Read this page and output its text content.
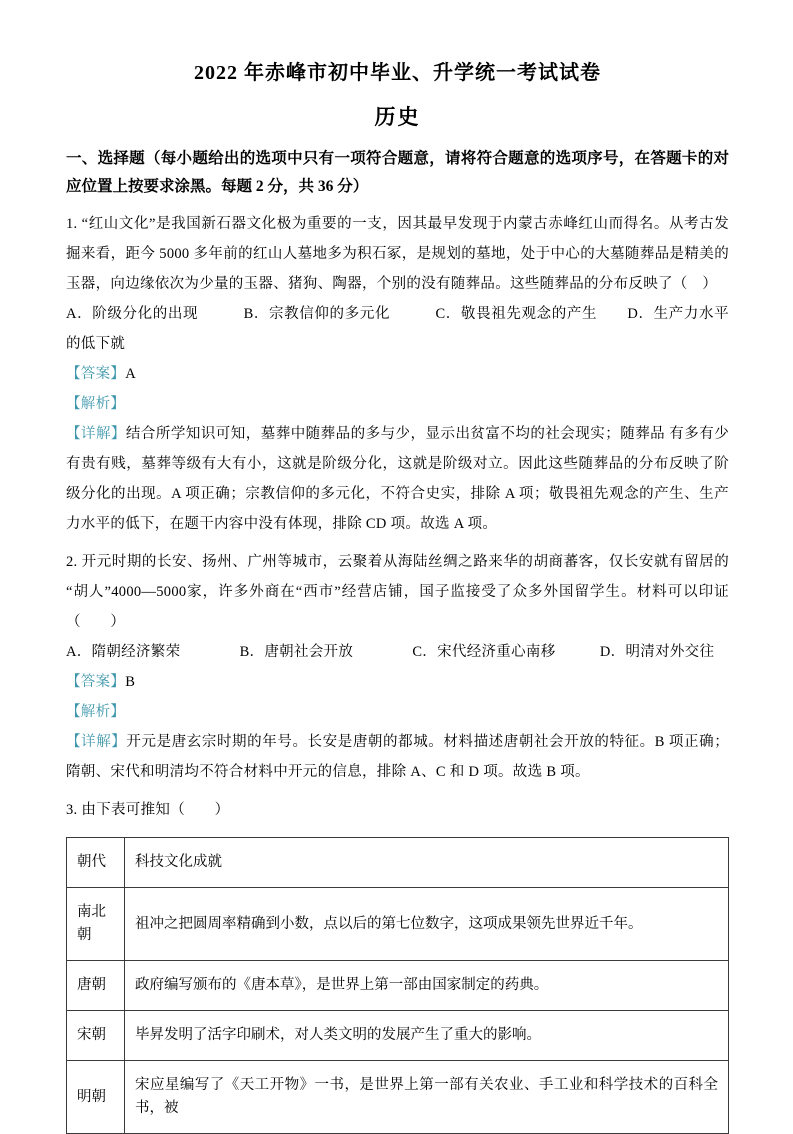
2022 年赤峰市初中毕业、升学统一考试试卷
历史

一、选择题（每小题给出的选项中只有一项符合题意，请将符合题意的选项序号，在答题卡的对应位置上按要求涂黑。每题 2 分，共 36 分）

1. “红山文化”是我国新石器文化极为重要的一支，因其最早发现于内蒙古赤峰红山而得名。从考古发掘来看，距今 5000 多年前的红山人墓地多为积石冢，是规划的墓地，处于中心的大墓随葬品是精美的玉器，向边缘依次为少量的玉器、猪狗、陶器，个别的没有随葬品。这些随葬品的分布反映了（　）

A．阶级分化的出现　　　B．宗教信仰的多元化　　　C．敬畏祖先观念的产生　　D．生产力水平的低下就

【答案】A

【解析】

【详解】结合所学知识可知，墓葬中随葬品的多与少，显示出贫富不均的社会现实；随葬品 有多有少 有贵有贱，墓葬等级有大有小，这就是阶级分化，这就是阶级对立。因此这些随葬品的分布反映了阶级分化的出现。A 项正确；宗教信仰的多元化，不符合史实，排除 A 项；敬畏祖先观念的产生、生产力水平的低下，在题干内容中没有体现，排除 CD 项。故选 A 项。

2. 开元时期的长安、扬州、广州等城市，云聚着从海陆丝绸之路来华的胡商蕃客，仅长安就有留居的“胡人”4000—5000家，许多外商在“西市”经营店铺，国子监接受了众多外国留学生。材料可以印证（　　）

A．隋朝经济繁荣　　　　B．唐朝社会开放　　　　C．宋代经济重心南移　　　D．明清对外交往

【答案】B

【解析】

【详解】开元是唐玄宗时期的年号。长安是唐朝的都城。材料描述唐朝社会开放的特征。B 项正确；隋朝、宋代和明清均不符合材料中开元的信息，排除 A、C 和 D 项。故选 B 项。

3. 由下表可推知（　　）

朝代	科技文化成就
南北朝	祖冲之把圆周率精确到小数，点以后的第七位数字，这项成果领先世界近千年。
唐朝	政府编写颁布的《唐本草》，是世界上第一部由国家制定的药典。
宋朝	毕昇发明了活字印刷术，对人类文明的发展产生了重大的影响。
明朝	宋应星编写了《天工开物》一书，是世界上第一部有关农业、手工业和科学技术的百科全书，被
